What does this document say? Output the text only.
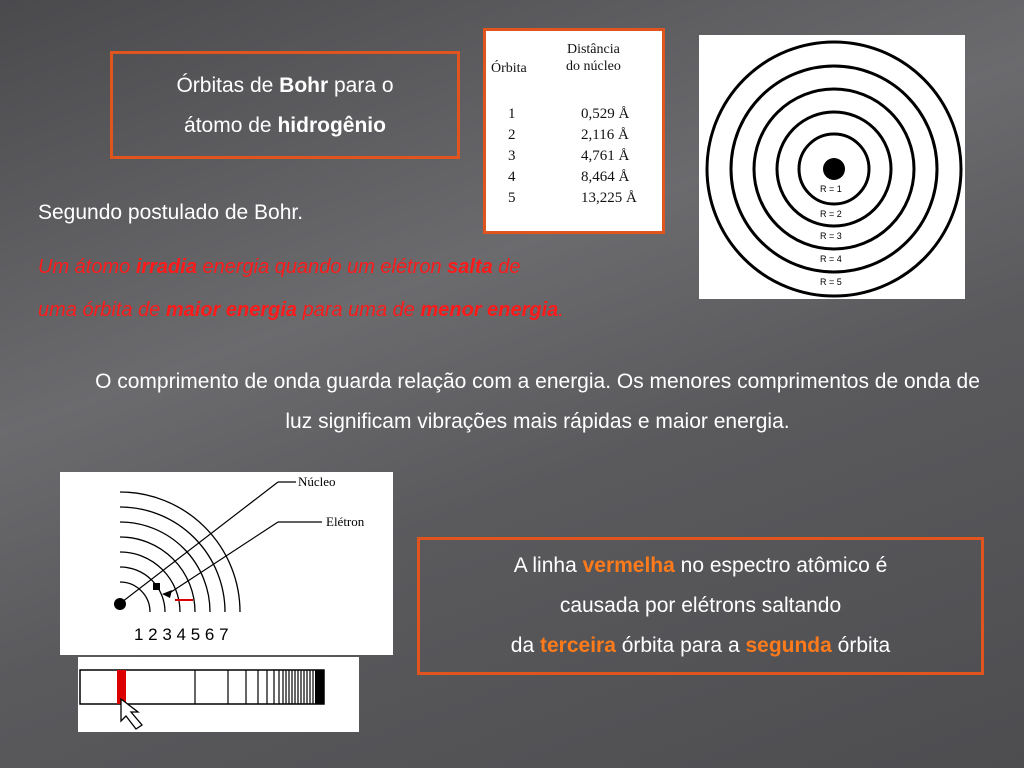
Órbitas de Bohr para o
átomo de hidrogênio
Órbita
Distância
do núcleo
1	0,529 Å
2	2,116 Å
3	4,761 Å
4	8,464 Å
5	13,225 Å
R = 1
R = 2
R = 3
R = 4
R = 5
Segundo postulado de Bohr.
Um átomo irradia energia quando um elétron salta de
uma órbita de maior energia para uma de menor energia.
O comprimento de onda guarda relação com a energia. Os menores comprimentos de onda de luz significam vibrações mais rápidas e maior energia.
Núcleo
Elétron
1 2 3 4 5 6 7
A linha vermelha no espectro atômico é
causada por elétrons saltando
da terceira órbita para a segunda órbita
